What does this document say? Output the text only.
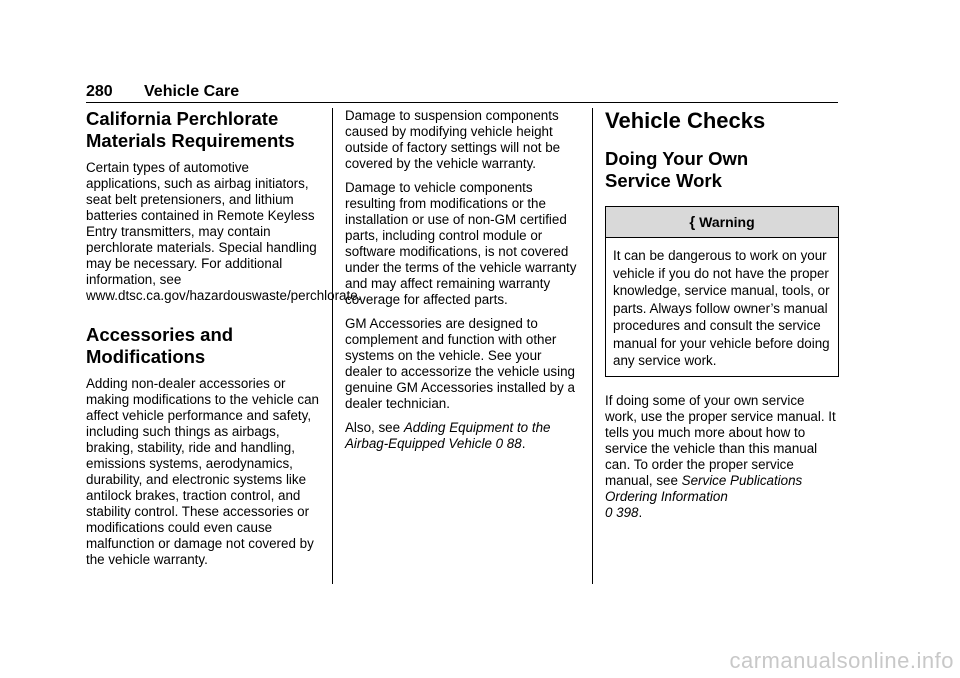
280 Vehicle Care
California Perchlorate
Materials Requirements

Certain types of automotive applications, such as airbag initiators, seat belt pretensioners, and lithium batteries contained in Remote Keyless Entry transmitters, may contain perchlorate materials. Special handling may be necessary. For additional information, see www.dtsc.ca.gov/hazardouswaste/perchlorate.

Accessories and
Modifications

Adding non-dealer accessories or making modifications to the vehicle can affect vehicle performance and safety, including such things as airbags, braking, stability, ride and handling, emissions systems, aerodynamics, durability, and electronic systems like antilock brakes, traction control, and stability control. These accessories or modifications could even cause malfunction or damage not covered by the vehicle warranty.

Damage to suspension components caused by modifying vehicle height outside of factory settings will not be covered by the vehicle warranty.

Damage to vehicle components resulting from modifications or the installation or use of non-GM certified parts, including control module or software modifications, is not covered under the terms of the vehicle warranty and may affect remaining warranty coverage for affected parts.

GM Accessories are designed to complement and function with other systems on the vehicle. See your dealer to accessorize the vehicle using genuine GM Accessories installed by a dealer technician.

Also, see Adding Equipment to the Airbag-Equipped Vehicle 0 88.

Vehicle Checks
Doing Your Own
Service Work
{ Warning
It can be dangerous to work on your vehicle if you do not have the proper knowledge, service manual, tools, or parts. Always follow owner’s manual procedures and consult the service manual for your vehicle before doing any service work.

If doing some of your own service work, use the proper service manual. It tells you much more about how to service the vehicle than this manual can. To order the proper service manual, see Service Publications Ordering Information
0 398.

carmanualsonline.info
